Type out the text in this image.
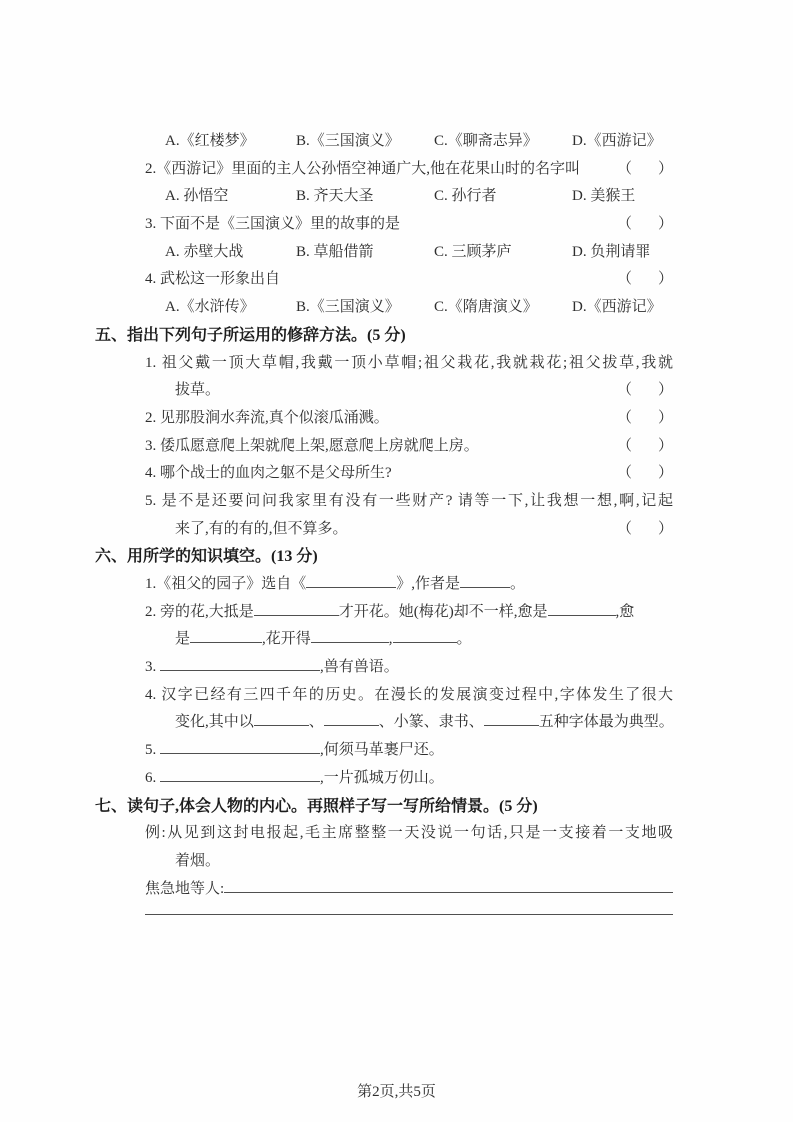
A.《红楼梦》	B.《三国演义》	C.《聊斋志异》	D.《西游记》
2.《西游记》里面的主人公孙悟空神通广大,他在花果山时的名字叫 （ ）
A. 孙悟空	B. 齐天大圣	C. 孙行者	D. 美猴王
3. 下面不是《三国演义》里的故事的是	（ ）
A. 赤壁大战	B. 草船借箭	C. 三顾茅庐	D. 负荆请罪
4. 武松这一形象出自	（ ）
A.《水浒传》	B.《三国演义》	C.《隋唐演义》	D.《西游记》
五、指出下列句子所运用的修辞方法。(5 分)
1. 祖父戴一顶大草帽,我戴一顶小草帽;祖父栽花,我就栽花;祖父拔草,我就
拔草。	（ ）
2. 见那股涧水奔流,真个似滚瓜涌溅。	（ ）
3. 倭瓜愿意爬上架就爬上架,愿意爬上房就爬上房。	（ ）
4. 哪个战士的血肉之躯不是父母所生?	（ ）
5. 是不是还要问问我家里有没有一些财产? 请等一下,让我想一想,啊,记起
来了,有的有的,但不算多。	（ ）
六、用所学的知识填空。(13 分)
1.《祖父的园子》选自《	》,作者是	。
2. 旁的花,大抵是	才开花。她(梅花)却不一样,愈是	,愈
是	,花开得	,	。
3.	,兽有兽语。
4. 汉字已经有三四千年的历史。在漫长的发展演变过程中,字体发生了很大
变化,其中以	、	、小篆、隶书、	五种字体最为典型。
5.	,何须马革裹尸还。
6.	,一片孤城万仞山。
七、读句子,体会人物的内心。再照样子写一写所给情景。(5 分)
例:从见到这封电报起,毛主席整整一天没说一句话,只是一支接着一支地吸
着烟。
焦急地等人:
第2页,共5页
